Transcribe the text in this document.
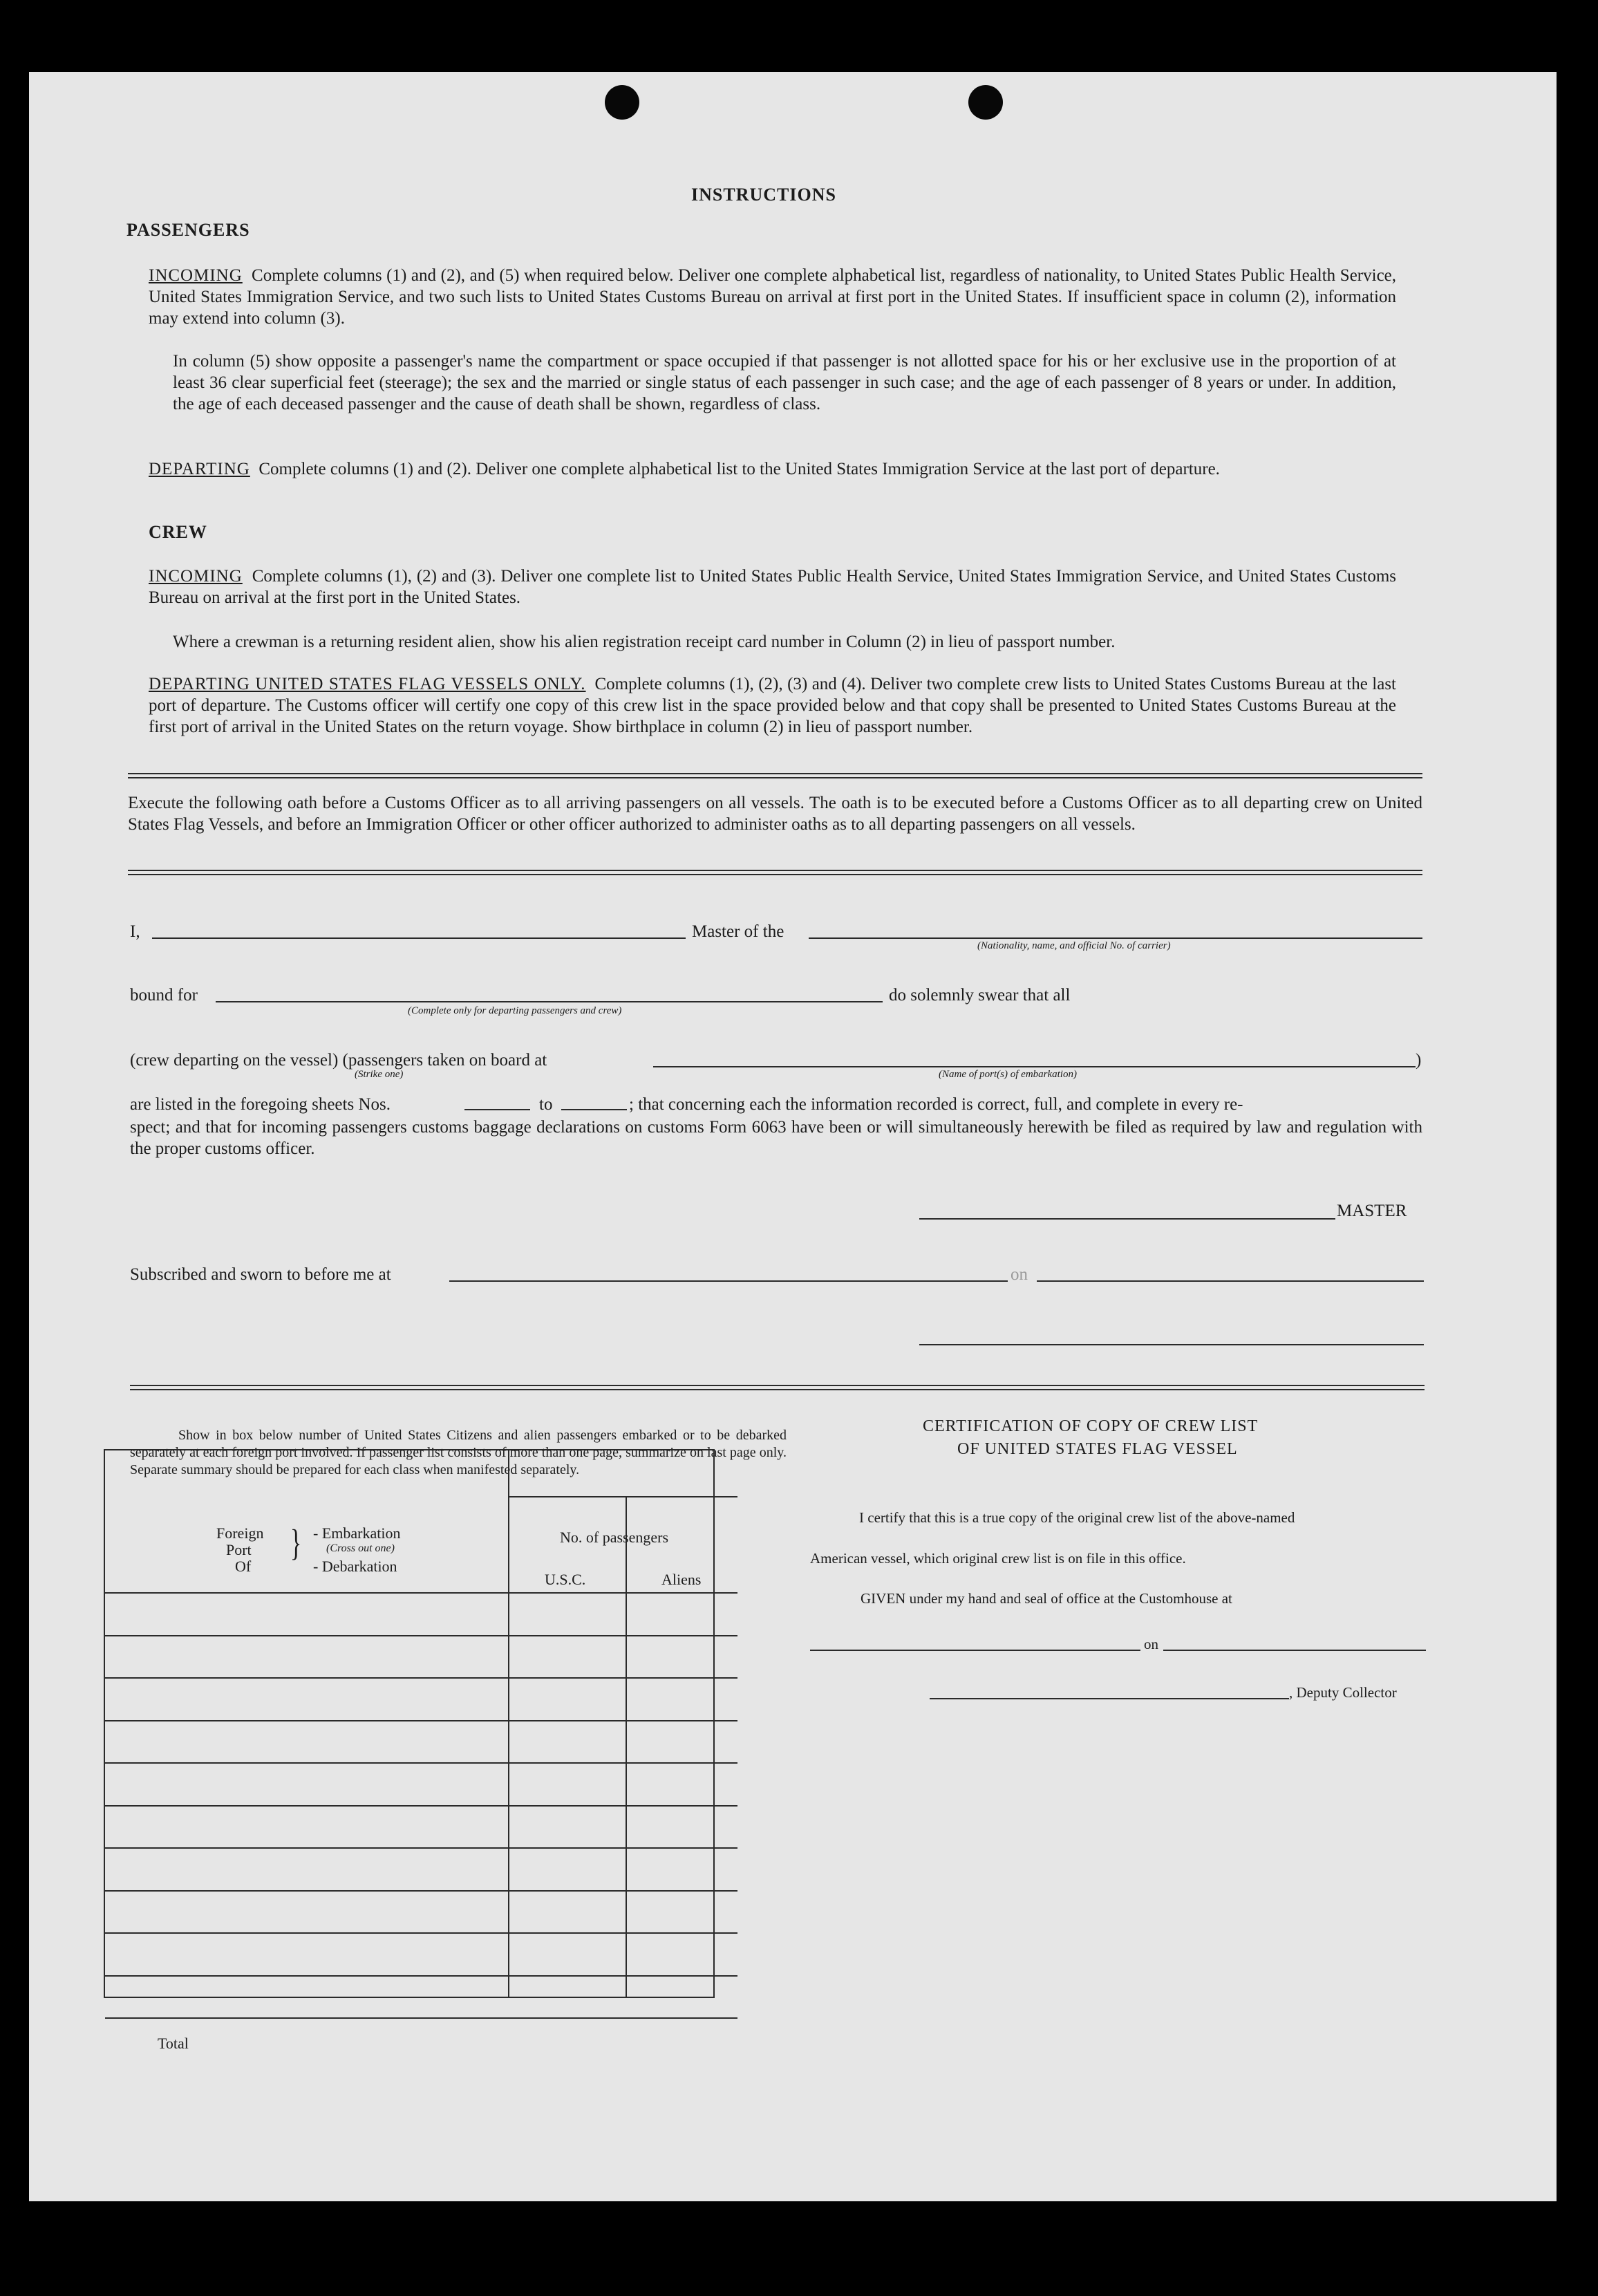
INSTRUCTIONS
PASSENGERS
INCOMING Complete columns (1) and (2), and (5) when required below. Deliver one complete alphabetical list, regardless of nationality, to United States Public Health Service, United States Immigration Service, and two such lists to United States Customs Bureau on arrival at first port in the United States. If insufficient space in column (2), information may extend into column (3).
In column (5) show opposite a passenger's name the compartment or space occupied if that passenger is not allotted space for his or her exclusive use in the proportion of at least 36 clear superficial feet (steerage); the sex and the married or single status of each passenger in such case; and the age of each passenger of 8 years or under. In addition, the age of each deceased passenger and the cause of death shall be shown, regardless of class.
DEPARTING Complete columns (1) and (2). Deliver one complete alphabetical list to the United States Immigration Service at the last port of departure.
CREW
INCOMING Complete columns (1), (2) and (3). Deliver one complete list to United States Public Health Service, United States Immigration Service, and United States Customs Bureau on arrival at the first port in the United States.
Where a crewman is a returning resident alien, show his alien registration receipt card number in Column (2) in lieu of passport number.
DEPARTING UNITED STATES FLAG VESSELS ONLY. Complete columns (1), (2), (3) and (4). Deliver two complete crew lists to United States Customs Bureau at the last port of departure. The Customs officer will certify one copy of this crew list in the space provided below and that copy shall be presented to United States Customs Bureau at the first port of arrival in the United States on the return voyage. Show birthplace in column (2) in lieu of passport number.
Execute the following oath before a Customs Officer as to all arriving passengers on all vessels. The oath is to be executed before a Customs Officer as to all departing crew on United States Flag Vessels, and before an Immigration Officer or other officer authorized to administer oaths as to all departing passengers on all vessels.
I,	Master of the
(Nationality, name, and official No. of carrier)
bound for
(Complete only for departing passengers and crew)
do solemnly swear that all
(crew departing on the vessel) (passengers taken on board at	)
(Strike one)	(Name of port(s) of embarkation)
are listed in the foregoing sheets Nos.	to	; that concerning each the information recorded is correct, full, and complete in every re-
spect; and that for incoming passengers customs baggage declarations on customs Form 6063 have been or will simultaneously herewith be filed as required by law and regulation with the proper customs officer.
MASTER
Subscribed and sworn to before me at	on
Show in box below number of United States Citizens and alien passengers embarked or to be debarked separately at each foreign port involved. If passenger list consists of more than one page, summarize on last page only. Separate summary should be prepared for each class when manifested separately.
Foreign
Port
Of
} - Embarkation
(Cross out one)
- Debarkation
No. of passengers
U.S.C.	Aliens
Total
CERTIFICATION OF COPY OF CREW LIST
OF UNITED STATES FLAG VESSEL
I certify that this is a true copy of the original crew list of the above-named
American vessel, which original crew list is on file in this office.
GIVEN under my hand and seal of office at the Customhouse at
on
, Deputy Collector
